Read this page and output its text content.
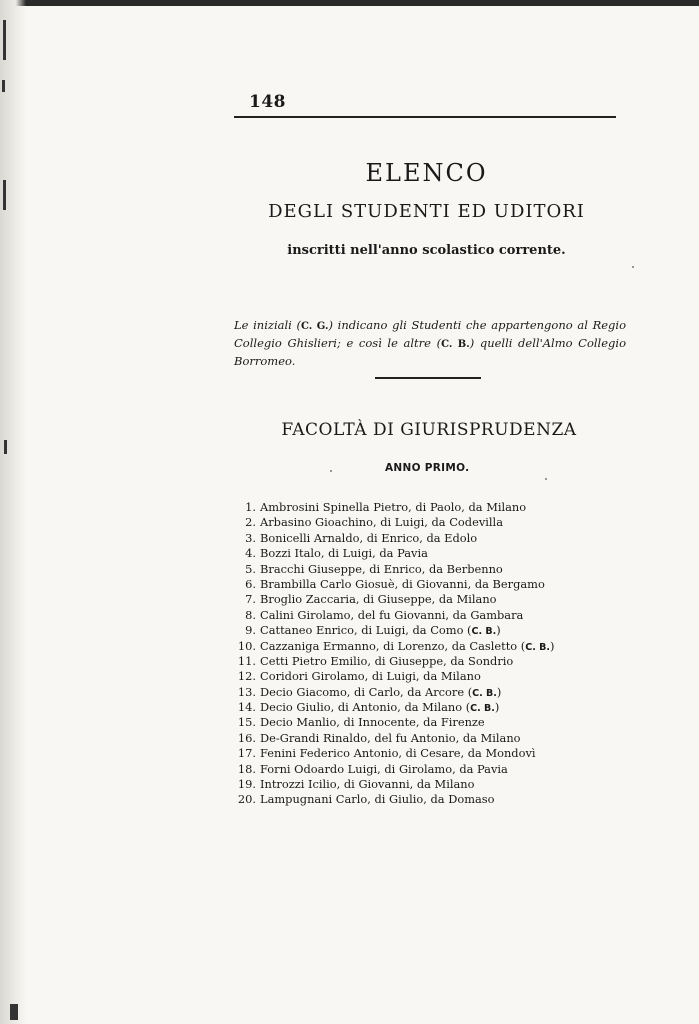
148
ELENCO
DEGLI STUDENTI ED UDITORI
inscritti nell'anno scolastico corrente.
Le iniziali (C. G.) indicano gli Studenti che appartengono al Regio Collegio Ghislieri; e così le altre (C. B.) quelli dell'Almo Collegio Borromeo.
FACOLTÀ DI GIURISPRUDENZA
ANNO PRIMO.
1. Ambrosini Spinella Pietro, di Paolo, da Milano
2. Arbasino Gioachino, di Luigi, da Codevilla
3. Bonicelli Arnaldo, di Enrico, da Edolo
4. Bozzi Italo, di Luigi, da Pavia
5. Bracchi Giuseppe, di Enrico, da Berbenno
6. Brambilla Carlo Giosuè, di Giovanni, da Bergamo
7. Broglio Zaccaria, di Giuseppe, da Milano
8. Calini Girolamo, del fu Giovanni, da Gambara
9. Cattaneo Enrico, di Luigi, da Como (C. B.)
10. Cazzaniga Ermanno, di Lorenzo, da Casletto (C. B.)
11. Cetti Pietro Emilio, di Giuseppe, da Sondrio
12. Coridori Girolamo, di Luigi, da Milano
13. Decio Giacomo, di Carlo, da Arcore (C. B.)
14. Decio Giulio, di Antonio, da Milano (C. B.)
15. Decio Manlio, di Innocente, da Firenze
16. De-Grandi Rinaldo, del fu Antonio, da Milano
17. Fenini Federico Antonio, di Cesare, da Mondovì
18. Forni Odoardo Luigi, di Girolamo, da Pavia
19. Introzzi Icilio, di Giovanni, da Milano
20. Lampugnani Carlo, di Giulio, da Domaso
